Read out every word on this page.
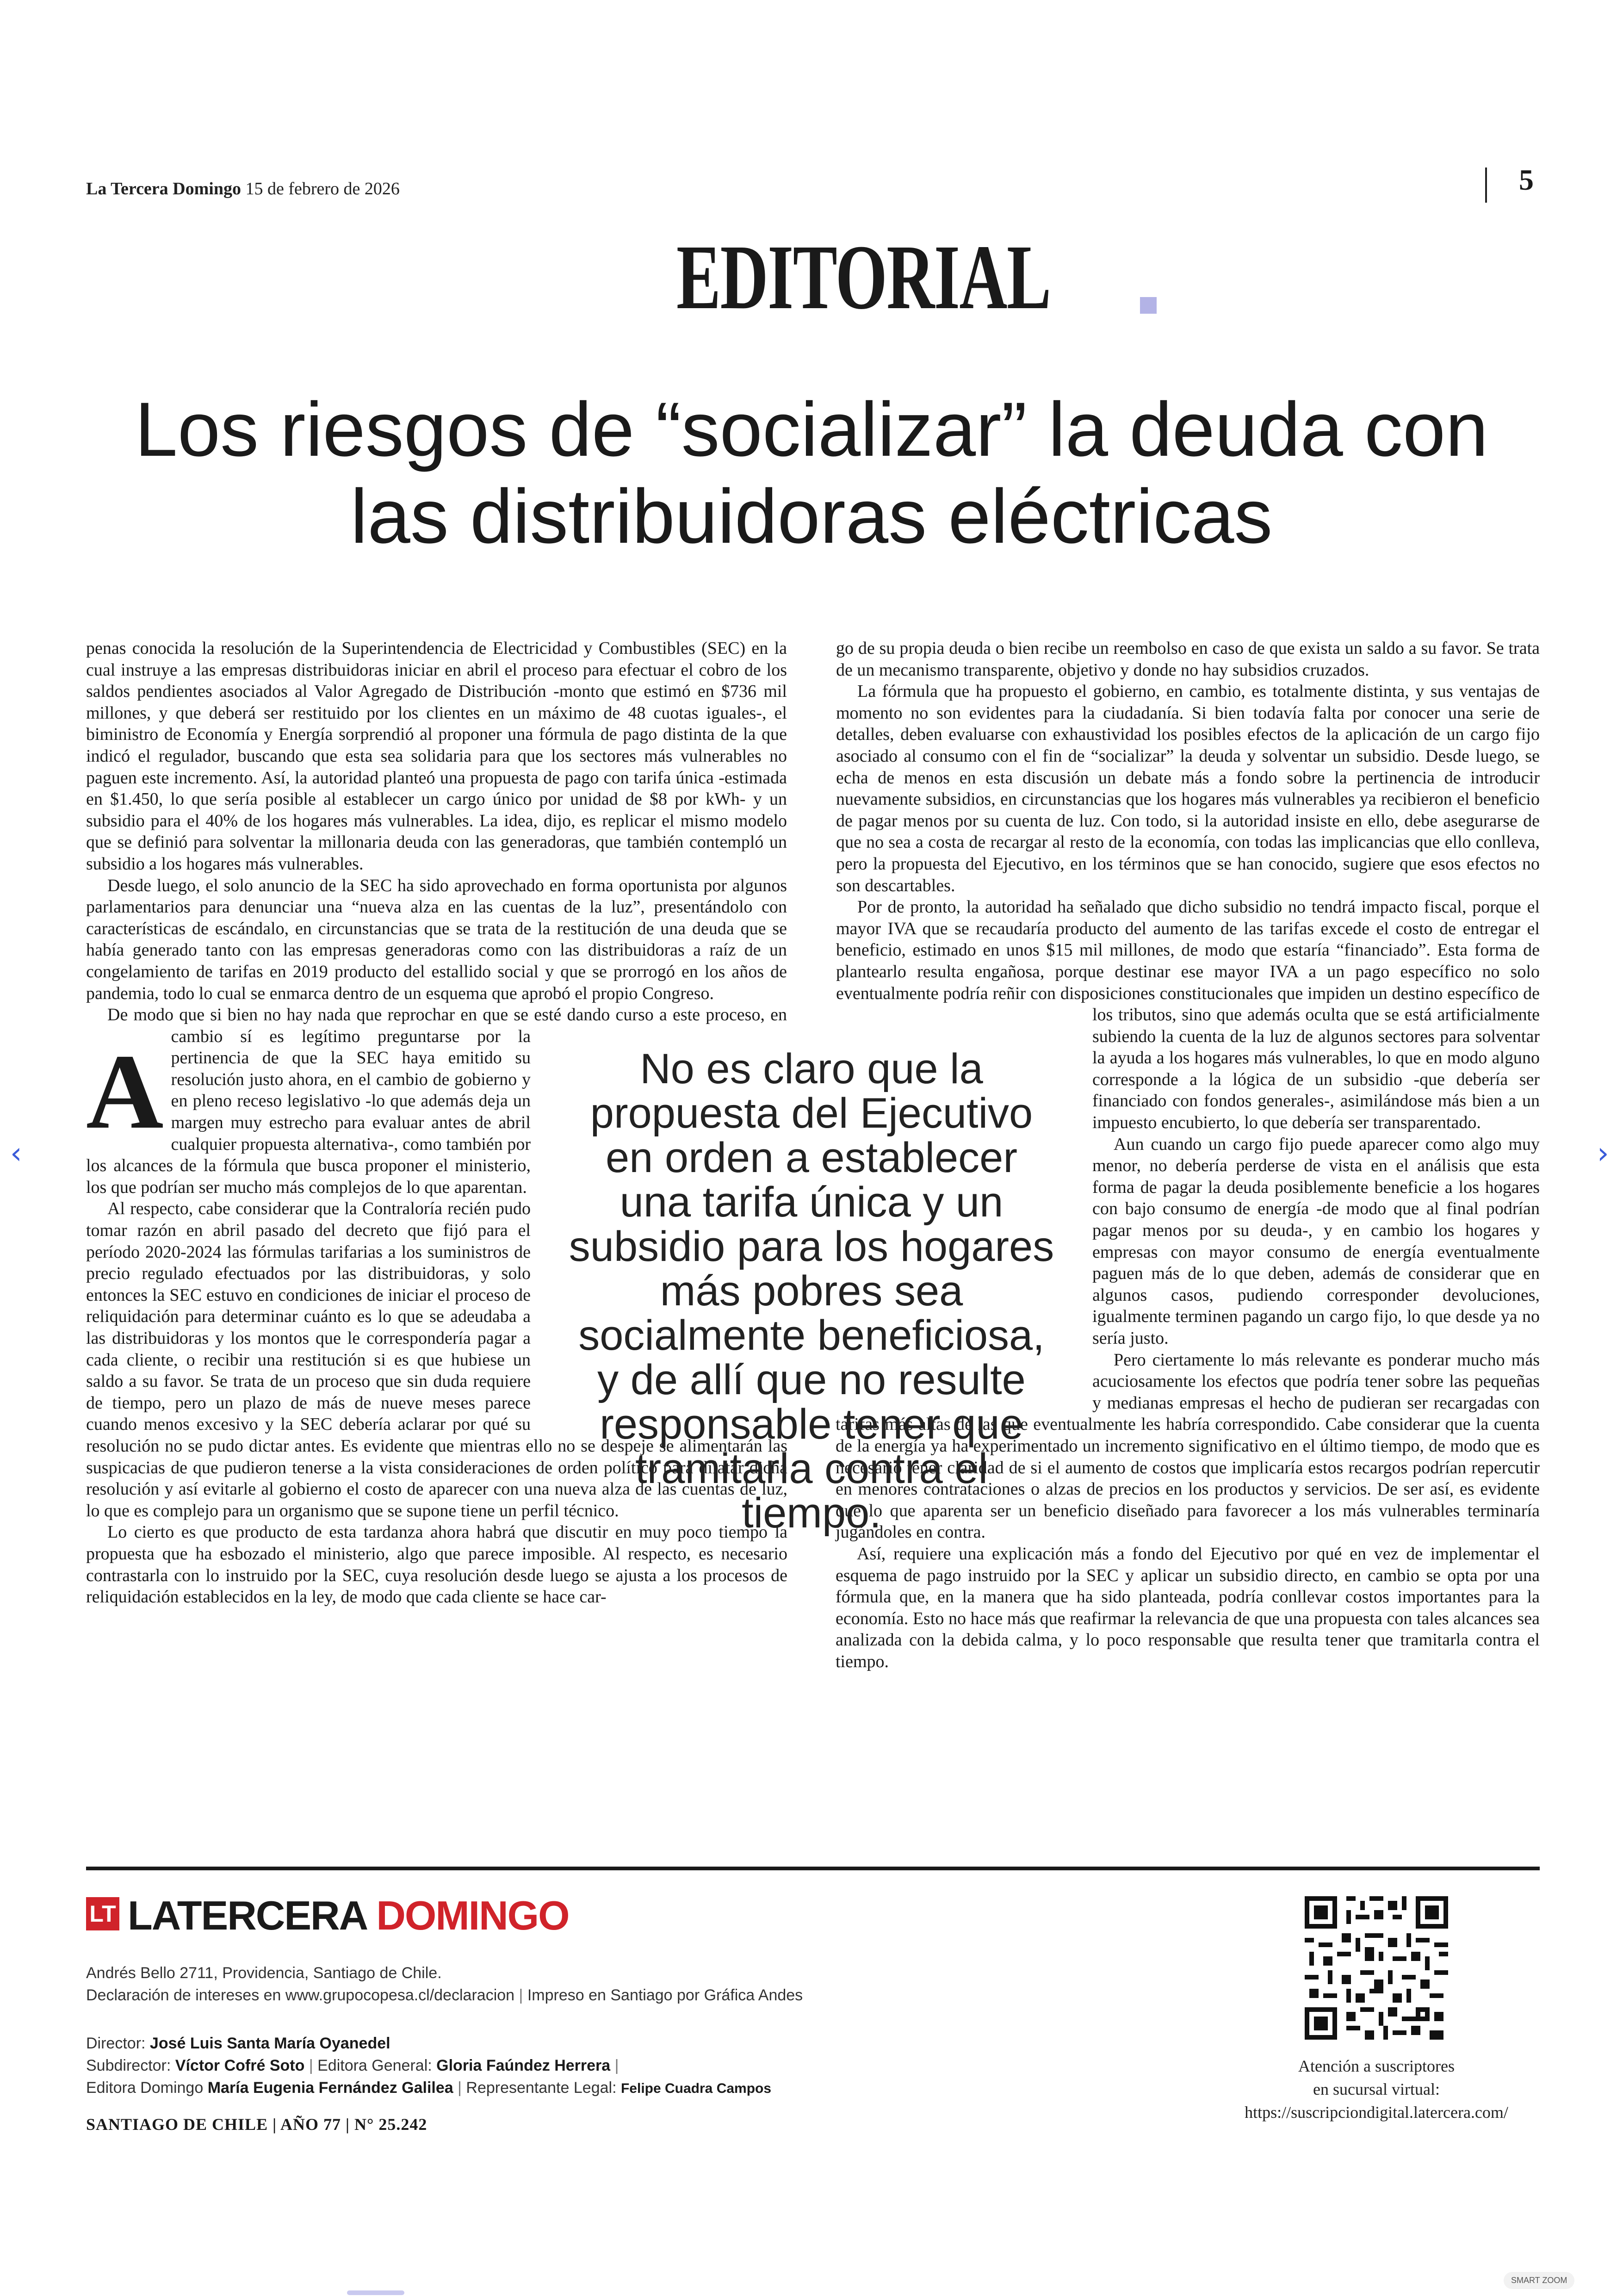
La Tercera Domingo 15 de febrero de 2026	5
EDITORIAL
Los riesgos de “socializar” la deuda con
las distribuidoras eléctricas
A

penas conocida la resolución de la Superintendencia de Electricidad y Combustibles (SEC) en la cual instruye a las empresas distribuidoras iniciar en abril el proceso para efectuar el cobro de los saldos pendientes asociados al Valor Agregado de Distribución -monto que estimó en $736 mil millones, y que deberá ser restituido por los clientes en un máximo de 48 cuotas iguales-, el biministro de Economía y Energía sorprendió al proponer una fórmula de pago distinta de la que indicó el regulador, buscando que esta sea solidaria para que los sectores más vulnerables no paguen este incremento. Así, la autoridad planteó una propuesta de pago con tarifa única -estimada en $1.450, lo que sería posible al establecer un cargo único por unidad de $8 por kWh- y un subsidio para el 40% de los hogares más vulnerables. La idea, dijo, es replicar el mismo modelo que se definió para solventar la millonaria deuda con las generadoras, que también contempló un subsidio a los hogares más vulnerables.

Desde luego, el solo anuncio de la SEC ha sido aprovechado en forma oportunista por algunos parlamentarios para denunciar una “nueva alza en las cuentas de la luz”, presentándolo con características de escándalo, en circunstancias que se trata de la restitución de una deuda que se había generado tanto con las empresas generadoras como con las distribuidoras a raíz de un congelamiento de tarifas en 2019 producto del estallido social y que se prorrogó en los años de pandemia, todo lo cual se enmarca dentro de un esquema que aprobó el propio Congreso.

De modo que si bien no hay nada que reprochar en que se esté dando curso a este proceso, en cambio sí es legítimo preguntarse por la pertinencia de que la SEC haya emitido su resolución justo ahora, en el cambio de gobierno y en pleno receso legislativo -lo que además deja un margen muy estrecho para evaluar antes de abril cualquier propuesta alternativa-, como también por los alcances de la fórmula que busca proponer el ministerio, los que podrían ser mucho más complejos de lo que aparentan.

Al respecto, cabe considerar que la Contraloría recién pudo tomar razón en abril pasado del decreto que fijó para el período 2020-2024 las fórmulas tarifarias a los suministros de precio regulado efectuados por las distribuidoras, y solo entonces la SEC estuvo en condiciones de iniciar el proceso de reliquidación para determinar cuánto es lo que se adeudaba a las distribuidoras y los montos que le correspondería pagar a cada cliente, o recibir una restitución si es que hubiese un saldo a su favor. Se trata de un proceso que sin duda requiere de tiempo, pero un plazo de más de nueve meses parece cuando menos excesivo y la SEC debería aclarar por qué su resolución no se pudo dictar antes. Es evidente que mientras ello no se despeje se alimentarán las suspicacias de que pudieron tenerse a la vista consideraciones de orden político para dilatar dicha resolución y así evitarle al gobierno el costo de aparecer con una nueva alza de las cuentas de luz, lo que es complejo para un organismo que se supone tiene un perfil técnico.

Lo cierto es que producto de esta tardanza ahora habrá que discutir en muy poco tiempo la propuesta que ha esbozado el ministerio, algo que parece imposible. Al respecto, es necesario contrastarla con lo instruido por la SEC, cuya resolución desde luego se ajusta a los procesos de reliquidación establecidos en la ley, de modo que cada cliente se hace car-

go de su propia deuda o bien recibe un reembolso en caso de que exista un saldo a su favor. Se trata de un mecanismo transparente, objetivo y donde no hay subsidios cruzados.

La fórmula que ha propuesto el gobierno, en cambio, es totalmente distinta, y sus ventajas de momento no son evidentes para la ciudadanía. Si bien todavía falta por conocer una serie de detalles, deben evaluarse con exhaustividad los posibles efectos de la aplicación de un cargo fijo asociado al consumo con el fin de “socializar” la deuda y solventar un subsidio. Desde luego, se echa de menos en esta discusión un debate más a fondo sobre la pertinencia de introducir nuevamente subsidios, en circunstancias que los hogares más vulnerables ya recibieron el beneficio de pagar menos por su cuenta de luz. Con todo, si la autoridad insiste en ello, debe asegurarse de que no sea a costa de recargar al resto de la economía, con todas las implicancias que ello conlleva, pero la propuesta del Ejecutivo, en los términos que se han conocido, sugiere que esos efectos no son descartables.

Por de pronto, la autoridad ha señalado que dicho subsidio no tendrá impacto fiscal, porque el mayor IVA que se recaudaría producto del aumento de las tarifas excede el costo de entregar el beneficio, estimado en unos $15 mil millones, de modo que estaría “financiado”. Esta forma de plantearlo resulta engañosa, porque destinar ese mayor IVA a un pago específico no solo eventualmente podría reñir con disposiciones constitucionales que impiden un destino específico de los tributos, sino que además oculta que se está artificialmente subiendo la cuenta de la luz de algunos sectores para solventar la ayuda a los hogares más vulnerables, lo que en modo alguno corresponde a la lógica de un subsidio -que debería ser financiado con fondos generales-, asimilándose más bien a un impuesto encubierto, lo que debería ser transparentado.

Aun cuando un cargo fijo puede aparecer como algo muy menor, no debería perderse de vista en el análisis que esta forma de pagar la deuda posiblemente beneficie a los hogares con bajo consumo de energía -de modo que al final podrían pagar menos por su deuda-, y en cambio los hogares y empresas con mayor consumo de energía eventualmente paguen más de lo que deben, además de considerar que en algunos casos, pudiendo corresponder devoluciones, igualmente terminen pagando un cargo fijo, lo que desde ya no sería justo.

Pero ciertamente lo más relevante es ponderar mucho más acuciosamente los efectos que podría tener sobre las pequeñas y medianas empresas el hecho de pudieran ser recargadas con tarifas más altas de las que eventualmente les habría correspondido. Cabe considerar que la cuenta de la energía ya ha experimentado un incremento significativo en el último tiempo, de modo que es necesario tener claridad de si el aumento de costos que implicaría estos recargos podrían repercutir en menores contrataciones o alzas de precios en los productos y servicios. De ser así, es evidente que lo que aparenta ser un beneficio diseñado para favorecer a los más vulnerables terminaría jugándoles en contra.

Así, requiere una explicación más a fondo del Ejecutivo por qué en vez de implementar el esquema de pago instruido por la SEC y aplicar un subsidio directo, en cambio se opta por una fórmula que, en la manera que ha sido planteada, podría conllevar costos importantes para la economía. Esto no hace más que reafirmar la relevancia de que una propuesta con tales alcances sea analizada con la debida calma, y lo poco responsable que resulta tener que tramitarla contra el tiempo.

No es claro que la propuesta del Ejecutivo en orden a establecer una tarifa única y un subsidio para los hogares más pobres sea socialmente beneficiosa, y de allí que no resulte responsable tener que tramitarla contra el tiempo.
‹	›
LT LATERCERA DOMINGO
Andrés Bello 2711, Providencia, Santiago de Chile.
Declaración de intereses en www.grupocopesa.cl/declaracion | Impreso en Santiago por Gráfica Andes
Director: José Luis Santa María Oyanedel
Subdirector: Víctor Cofré Soto | Editora General: Gloria Faúndez Herrera |
Editora Domingo María Eugenia Fernández Galilea | Representante Legal: Felipe Cuadra Campos
SANTIAGO DE CHILE | AÑO 77 | N° 25.242
Atención a suscriptores
en sucursal virtual:
https://suscripciondigital.latercera.com/
SMART ZOOM
